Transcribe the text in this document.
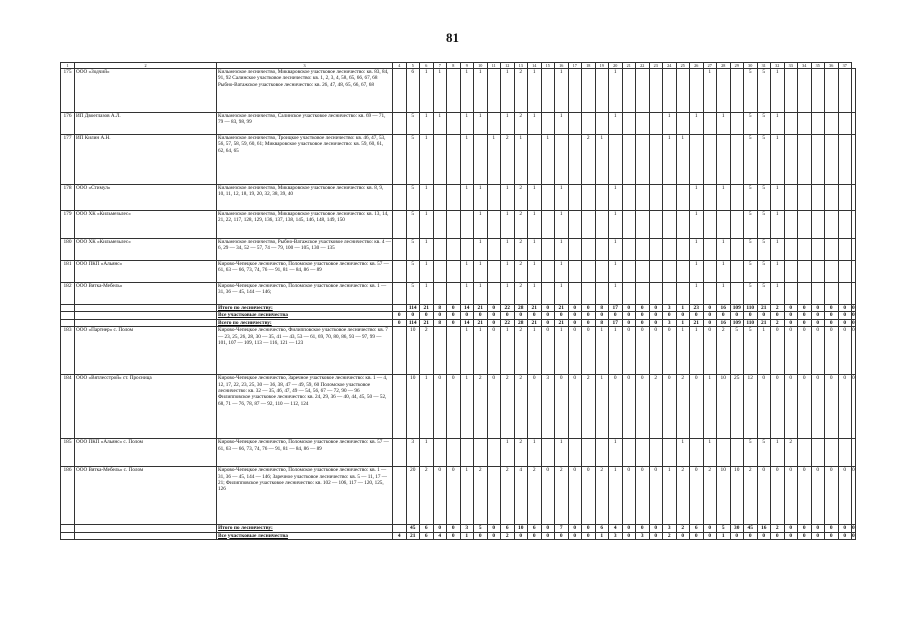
81
1	2	3	4	5	6	7	8	9	10	11	12	13	14	15	16	17	18	19	20	21	22	23	24	25	26	27	28	29	30	31	32	33	34	35	36	37	
175	ООО «Зодчий»	Кильмезское лесничество, Микваровское участковое лесничество: кв. 83, 84, 91, 92 Салинское участковое лесничество: кв. 1, 2, 3, 4, 58, 65, 66, 67, 68 Рыбно-Ватажское участковое лесничество: кв. 26, 47, 48, 65, 66, 67, 68		6	1	1		1	1		1	2	1		1				1							1			5	5	1						
176	ИП Двоеглазов А.Л.	Кильмезское лесничество, Салинское участковое лесничество: кв. 69 — 71, 79 — 83, 98, 99		5	1	1		1	1		1	2	1		1				1				1		1		1		5	5	1						
177	ИП Килин А.Н.	Кильмезское лесничество, Троицкое участковое лесничество: кв. 46, 47, 53, 56, 57, 58, 59, 60, 61; Микваровское участковое лесничество: кв. 59, 60, 61, 62, 64, 65		5	1			1		1	2	1		1			2	1					1	1					5	5	1						
178	ООО «Стимул»	Кильмезское лесничество, Микваровское участковое лесничество: кв. 8, 9, 10, 11, 12, 18, 19, 20, 32, 38, 39, 40		5	1			1	1		1	2	1		1				1						1		1		5	5	1						
179	ООО ХК «Кильмезьлес»	Кильмезское лесничество, Микваровское участковое лесничество: кв. 13, 14, 21, 22, 117, 128, 129, 136, 137, 138, 145, 146, 148, 149, 150		5	1				1		1	2	1		1				1						1				5	5	1						
180	ООО ХК «Кильмезьлес»	Кильмезское лесничество, Рыбно-Ватажское участковое лесничество: кв. 4 — 6, 29 — 34, 52 — 57, 74 — 79, 100 — 105, 130 — 135		5	1				1		1	2	1		1				1						1		1		5	5	1						
181	ООО ПКП «Альянс»	Кирово-Чепецкое лесничество, Поломское участковое лесничество: кв. 57 — 61, 63 — 66, 73, 74, 76 — 91, 81 — 84, 86 — 89		5	1			1	1		1	2	1		1				1						1		1		5	5	1						
182	ООО Вятка-Мебель»	Кирово-Чепецкое лесничество, Поломское участковое лесничество: кв. 1 — 31, 36 — 45, 144 — 146;		5	1			1	1		1	2	1		1				1						1		1		5	5	1						
		Итого по лесничеству:		114	21	8	0	14	21	0	22	28	21	0	21	0	0	8	17	0	0	0	3	1	23	0	16	109	110	21	2	0	0	0	0	0	0
		Все участковые лесничества	0	0	0	0	0	0	0	0	0	0	0	0	0	0	0	0	0	0	0	0	0	0	0	0	0	0	0	0	0	0	0	0	0	0	0
		Всего по лесничеству:	0	114	21	8	0	14	21	0	22	28	21	0	21	0	0	8	17	0	0	0	3	1	21	0	16	109	110	21	2	0	0	0	0	0	0
183	ООО «Партнер» с. Полом	Кирово-Чепецкое лесничество, Филипповское участковое лесничество: кв. 7 — 23, 25, 26, 28, 30 — 35, 41 — 43, 53 — 61, 69, 70, 80, 86, 93 — 97, 99 — 101, 107 — 109, 113 — 116, 121 — 123		10	2			1	1	0	1	2	1	0	1	0	0	1	1	0	0	0	0	1	1	0	2	5	5	1	0	0	0	0	0	0	0
184	ООО «Вятлесстрой» ст. Просница	Кирово-Чепецкое лесничество, Заречное участковое лесничество: кв. 1 — 4, 12, 17, 22, 23, 25, 30 — 36, 38, 47 — 49, 59, 60 Поломское участковое лесничество: кв. 32 — 35, 46, 47, 49 — 54, 56, 67 — 72, 90 — 96 Филипповское участковое лесничество: кв. 24, 29, 36 — 40, 44, 45, 50 — 52, 68, 71 — 76, 78, 87 — 92, 110 — 112, 124		10	1	0	0	1	2	0	2	2	0	3	0	0	2	1	0	0	0	2	0	2	0	1	10	25	12	0	0	0	0	0	0	0	0
185	ООО ПКП «Альянс» с. Полом	Кирово-Чепецкое лесничество, Поломское участковое лесничество: кв. 57 — 61, 63 — 66, 73, 74, 76 — 91, 81 — 84, 86 — 89		3	1						1	2	1		1				1					1		1			5	5	1	2					
186	ООО Вятка-Мебель» с. Полом	Кирово-Чепецкое лесничество, Поломское участковое лесничество: кв. 1 — 31, 36 — 45, 144 — 146; Заречное участковое лесничество: кв. 5 — 11, 17 — 21; Филипповское участковое лесничество: кв. 102 — 106, 117 — 120, 125, 126		20	2	0	0	1	2		2	4	2	0	2	0	0	2	1	0	0	0	1	2	0	2	10	10	2	0	0	0	0	0	0	0	0
		Итого по лесничеству:		45	6	0	0	3	5	0	6	10	6	0	7	0	0	6	4	0	0	0	3	2	6	0	5	30	45	16	2	0	0	0	0	0	0
		Все участковые лесничества	4	21	6	4	0	1	0	0	2	0	0	0	0	0	0	1	3	0	3	0	2	0	0	0	1	0	0	0	0	0	0	0	0	0	0
